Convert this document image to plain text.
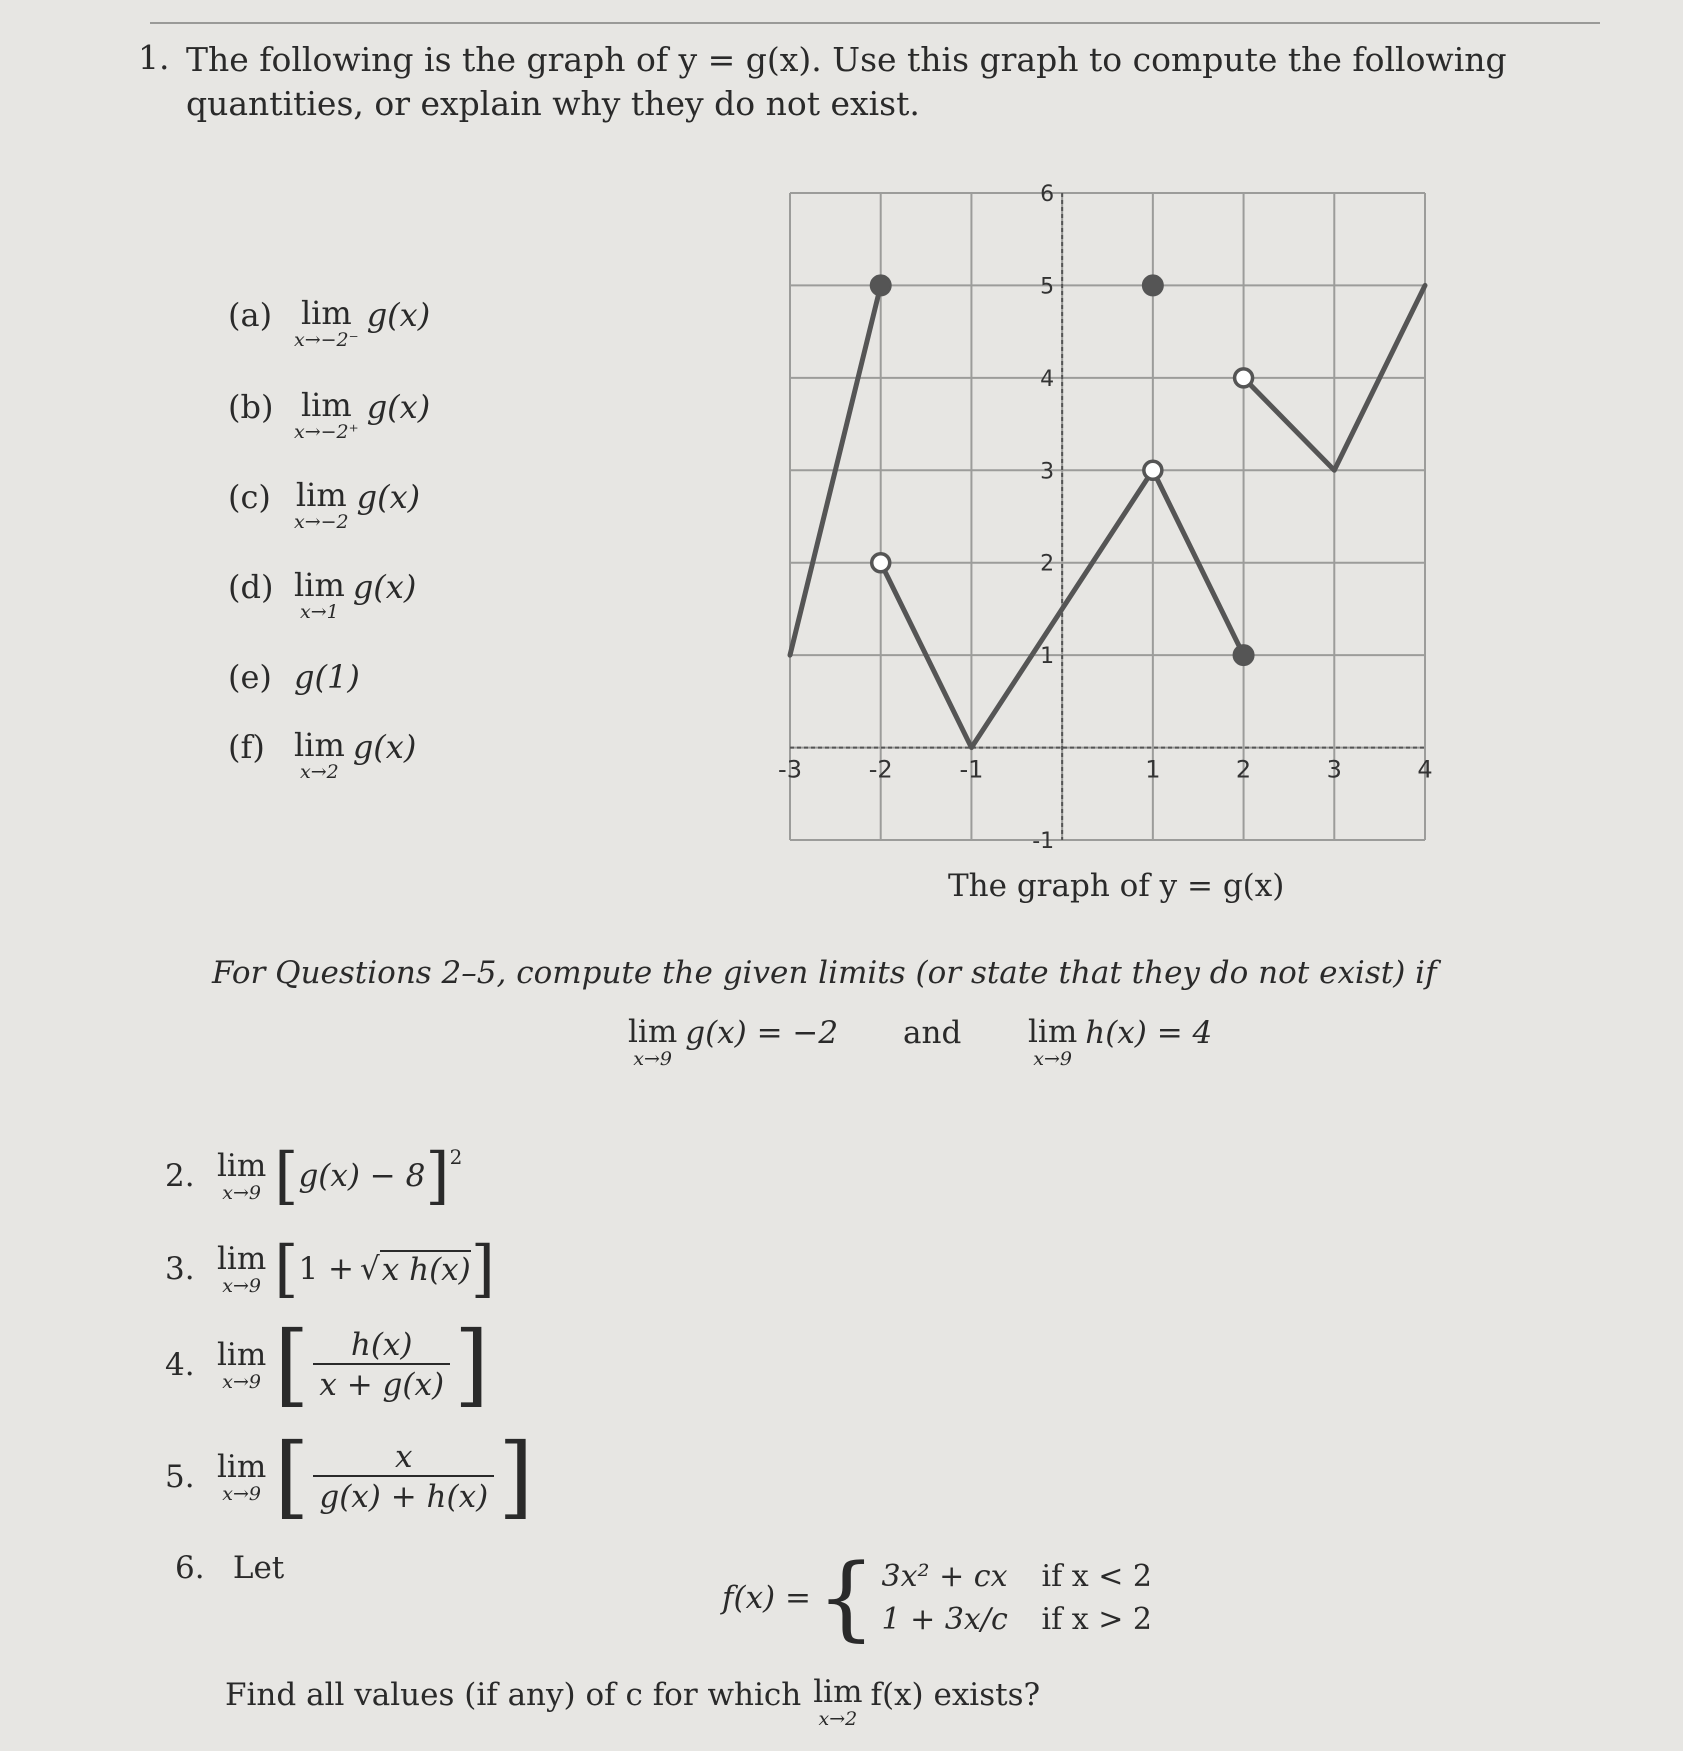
1. The following is the graph of y = g(x). Use this graph to compute the following quantities, or explain why they do not exist.
(a) lim
x→−2⁻
g(x)
(b) lim
x→−2⁺
g(x)
(c) lim
x→−2
g(x)
(d) lim
x→1
g(x)
(e) g(1)
(f) lim
x→2
g(x)
-3	-2	-1	1	2	3	4
-1
1
2
3
4
5
6
The graph of y = g(x)
For Questions 2–5, compute the given limits (or state that they do not exist) if
lim
x→9
g(x) = −2 and lim
x→9
h(x) = 4
2. lim
x→9 [ g(x) − 8 ]$^2$
3. lim
x→9 [ 1 + √ x h(x) ]
4. lim
x→9 [ $\frac{h(x)}{x + g(x)}$ ]
5. lim
x→9 [ $\frac{x}{g(x) + h(x)}$ ]
6. Let
f(x) = { 3x² + cx	if x < 2
1 + 3x/c	if x > 2
Find all values (if any) of c for which lim
x→2
f(x) exists?
